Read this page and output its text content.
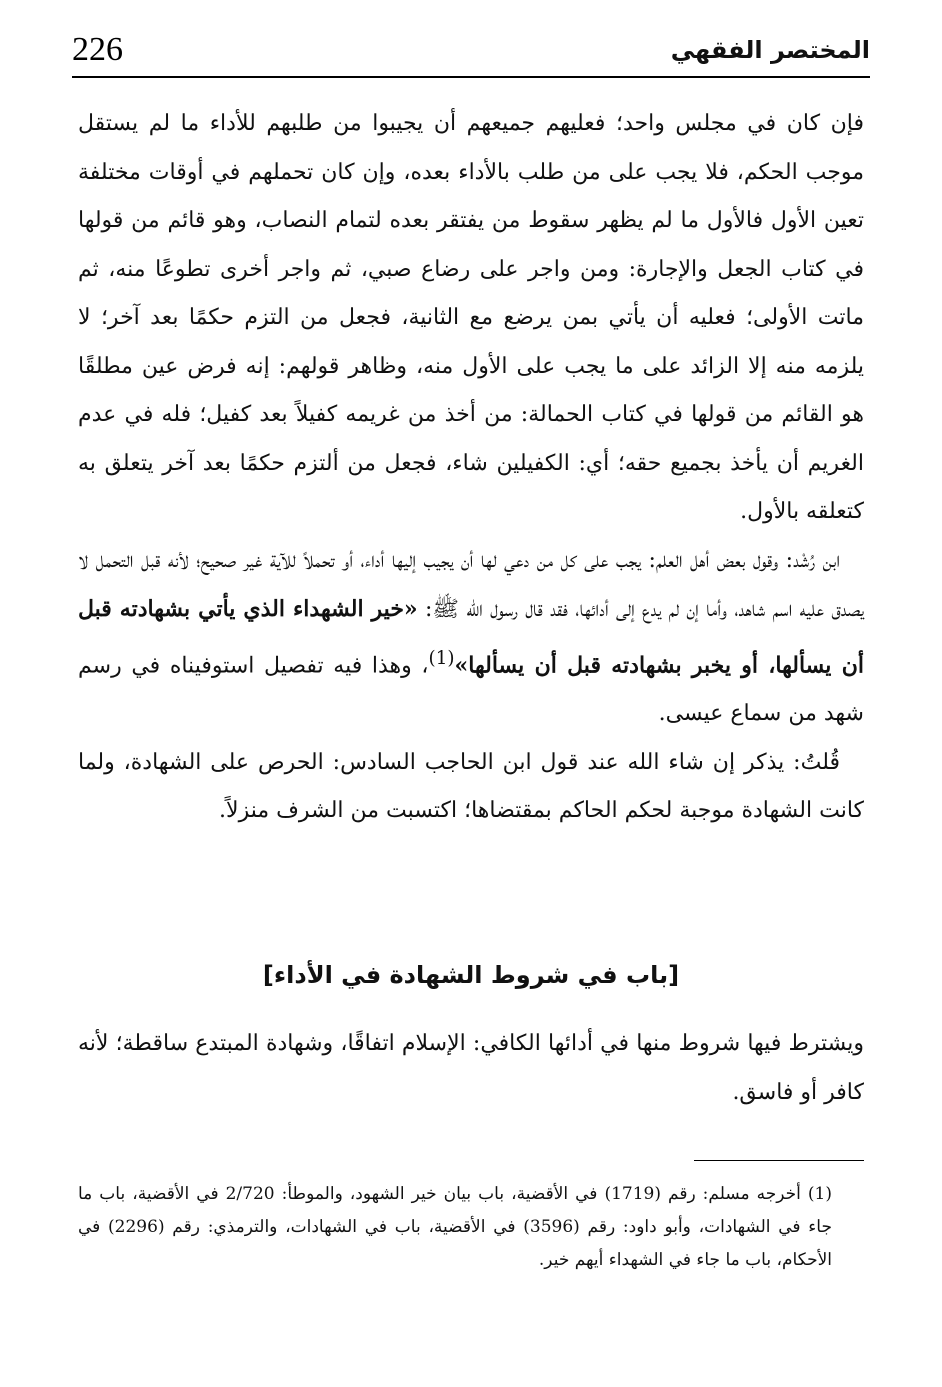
226	المختصر الفقهي

فإن كان في مجلس واحد؛ فعليهم جميعهم أن يجيبوا من طلبهم للأداء ما لم يستقل موجب الحكم، فلا يجب على من طلب بالأداء بعده، وإن كان تحملهم في أوقات مختلفة تعين الأول فالأول ما لم يظهر سقوط من يفتقر بعده لتمام النصاب، وهو قائم من قولها في كتاب الجعل والإجارة: ومن واجر على رضاع صبي، ثم واجر أخرى تطوعًا منه، ثم ماتت الأولى؛ فعليه أن يأتي بمن يرضع مع الثانية، فجعل من التزم حكمًا بعد آخر؛ لا يلزمه منه إلا الزائد على ما يجب على الأول منه، وظاهر قولهم: إنه فرض عين مطلقًا هو القائم من قولها في كتاب الحمالة: من أخذ من غريمه كفيلاً بعد كفيل؛ فله في عدم الغريم أن يأخذ بجميع حقه؛ أي: الكفيلين شاء، فجعل من ألتزم حكمًا بعد آخر يتعلق به كتعلقه بالأول.

ابن رُشْد: وقول بعض أهل العلم: يجب على كل من دعي لها أن يجيب إليها أداء، أو تحملاً للآية غير صحيح؛ لأنه قبل التحمل لا يصدق عليه اسم شاهد، وأما إن لم يدع إلى أدائها، فقد قال رسول الله ﷺ: «خير الشهداء الذي يأتي بشهادته قبل أن يسألها، أو يخبر بشهادته قبل أن يسألها»$^{(1)}$، وهذا فيه تفصيل استوفيناه في رسم شهد من سماع عيسى.

قُلتُ: يذكر إن شاء الله عند قول ابن الحاجب السادس: الحرص على الشهادة، ولما كانت الشهادة موجبة لحكم الحاكم بمقتضاها؛ اكتسبت من الشرف منزلاً.

[باب في شروط الشهادة في الأداء]

ويشترط فيها شروط منها في أدائها الكافي: الإسلام اتفاقًا، وشهادة المبتدع ساقطة؛ لأنه كافر أو فاسق.

(1) أخرجه مسلم: رقم (1719) في الأقضية، باب بيان خير الشهود، والموطأ: 2/720 في الأقضية، باب ما جاء في الشهادات، وأبو داود: رقم (3596) في الأقضية، باب في الشهادات، والترمذي: رقم (2296) في الأحكام، باب ما جاء في الشهداء أيهم خير.
